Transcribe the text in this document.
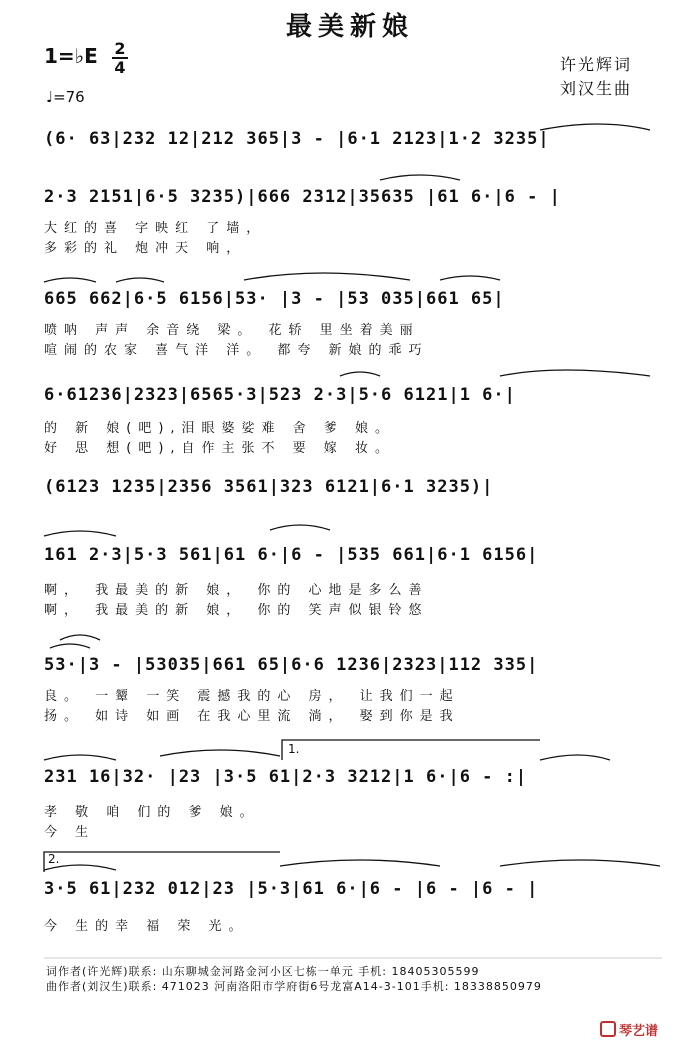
最美新娘
1=♭E 2
4
♩=76
许光辉词
刘汉生曲
(6· 63|232 12|212 365|3 - |6·1 2123|1·2 3235|
2·3 2151|6·5 3235)|666 2312|35635 |61 6·|6 - |
大红的喜 字映红 了墙，
多彩的礼 炮冲天 响，
665 662|6·5 6156|53· |3 - |53 035|661 65|
喷呐 声声 余音绕 梁。 花轿 里坐着美丽
喧闹的农家 喜气洋 洋。 都夸 新娘的乖巧
6·61236|2323|6565·3|523 2·3|5·6 6121|1 6·|
的 新 娘(吧),泪眼婆娑难 舍 爹 娘。
好 思 想(吧),自作主张不 要 嫁 妆。
(6123 1235|2356 3561|323 6121|6·1 3235)|
161 2·3|5·3 561|61 6·|6 - |535 661|6·1 6156|
啊， 我最美的新 娘， 你的 心地是多么善
啊， 我最美的新 娘， 你的 笑声似银铃悠
53·|3 - |53035|661 65|6·6 1236|2323|112 335|
良。 一颦 一笑 震撼我的心 房， 让我们一起
扬。 如诗 如画 在我心里流 淌， 娶到你是我
1.
231 16|32· |23 |3·5 61|2·3 3212|1 6·|6 - :|
孝 敬 咱 们的 爹 娘。
今 生
2.
3·5 61|232 012|23 |5·3|61 6·|6 - |6 - |6 - |
今 生的幸 福 荣 光。
词作者(许光辉)联系: 山东聊城金河路金河小区七栋一单元 手机: 18405305599
曲作者(刘汉生)联系: 471023 河南洛阳市学府街6号龙富A14-3-101手机: 18338850979
琴艺谱
